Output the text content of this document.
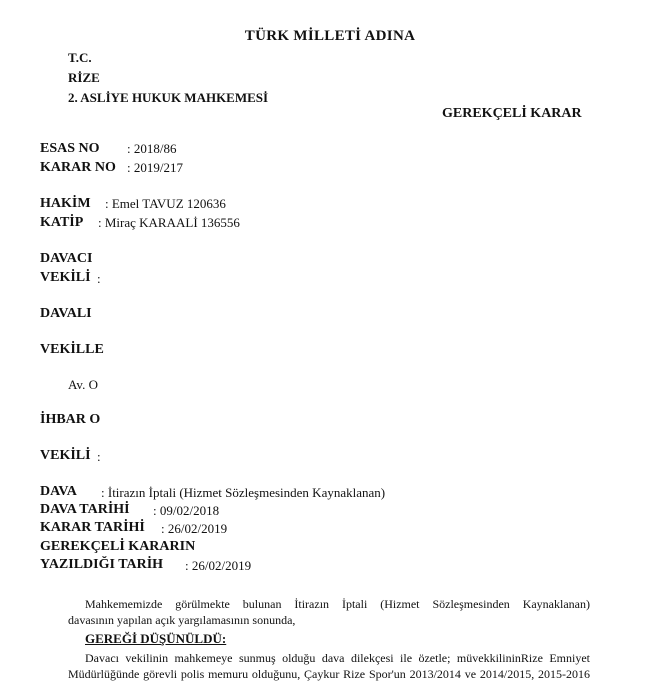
TÜRK MİLLETİ ADINA
T.C.
RİZE
2. ASLİYE HUKUK MAHKEMESİ
GEREKÇELİ KARAR
ESAS NO : 2018/86
KARAR NO : 2019/217
HAKİM : Emel TAVUZ 120636
KATİP : Miraç KARAALİ 136556
DAVACI
VEKİLİ :
DAVALI
VEKİLLE
Av. O
İHBAR O
VEKİLİ :
DAVA : İtirazın İptali (Hizmet Sözleşmesinden Kaynaklanan)
DAVA TARİHİ : 09/02/2018
KARAR TARİHİ : 26/02/2019
GEREKÇELİ KARARIN
YAZILDIĞI TARİH : 26/02/2019
Mahkememizde görülmekte bulunan İtirazın İptali (Hizmet Sözleşmesinden Kaynaklanan)
davasının yapılan açık yargılamasının sonunda,
GEREĞİ DÜŞÜNÜLDÜ:
Davacı vekilinin mahkemeye sunmuş olduğu dava dilekçesi ile özetle; müvekkilininRize Emniyet
Müdürlüğünde görevli polis memuru olduğunu, Çaykur Rize Spor'un 2013/2014 ve 2014/2015, 2015-2016
